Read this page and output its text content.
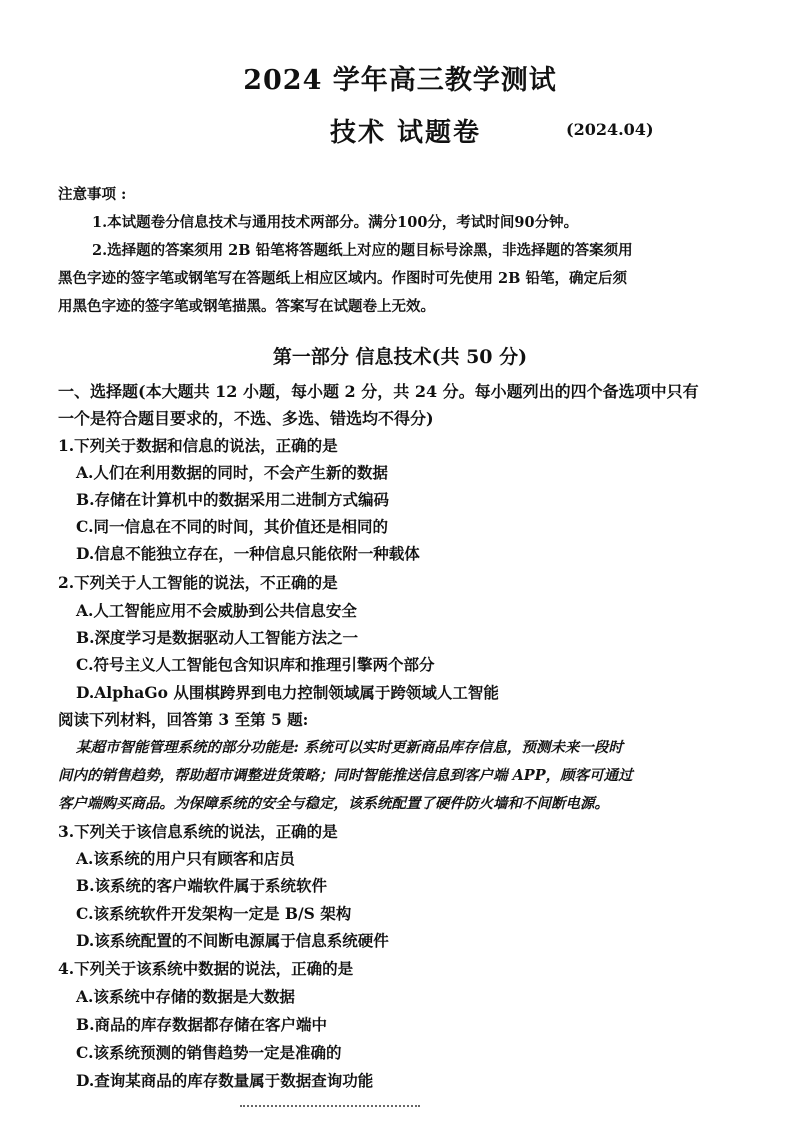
2024 学年高三教学测试
技术 试题卷	(2024.04)
注意事项 :
1.本试题卷分信息技术与通用技术两部分。满分100分，考试时间90分钟。
2.选择题的答案须用 2B 铅笔将答题纸上对应的题目标号涂黑，非选择题的答案须用
黑色字迹的签字笔或钢笔写在答题纸上相应区域内。作图时可先使用 2B 铅笔，确定后须
用黑色字迹的签字笔或钢笔描黑。答案写在试题卷上无效。
第一部分 信息技术(共 50 分)
一、选择题(本大题共 12 小题，每小题 2 分，共 24 分。每小题列出的四个备选项中只有
一个是符合题目要求的，不选、多选、错选均不得分)
1.下列关于数据和信息的说法，正确的是
A.人们在利用数据的同时，不会产生新的数据
B.存储在计算机中的数据采用二进制方式编码
C.同一信息在不同的时间，其价值还是相同的
D.信息不能独立存在，一种信息只能依附一种载体
2.下列关于人工智能的说法，不正确的是
A.人工智能应用不会威胁到公共信息安全
B.深度学习是数据驱动人工智能方法之一
C.符号主义人工智能包含知识库和推理引擎两个部分
D.AlphaGo 从围棋跨界到电力控制领域属于跨领域人工智能
阅读下列材料，回答第 3 至第 5 题:
某超市智能管理系统的部分功能是: 系统可以实时更新商品库存信息，预测未来一段时
间内的销售趋势，帮助超市调整进货策略；同时智能推送信息到客户端 APP，顾客可通过
客户端购买商品。为保障系统的安全与稳定，该系统配置了硬件防火墙和不间断电源。
3.下列关于该信息系统的说法，正确的是
A.该系统的用户只有顾客和店员
B.该系统的客户端软件属于系统软件
C.该系统软件开发架构一定是 B/S 架构
D.该系统配置的不间断电源属于信息系统硬件
4.下列关于该系统中数据的说法，正确的是
A.该系统中存储的数据是大数据
B.商品的库存数据都存储在客户端中
C.该系统预测的销售趋势一定是准确的
D.查询某商品的库存数量属于数据查询功能
